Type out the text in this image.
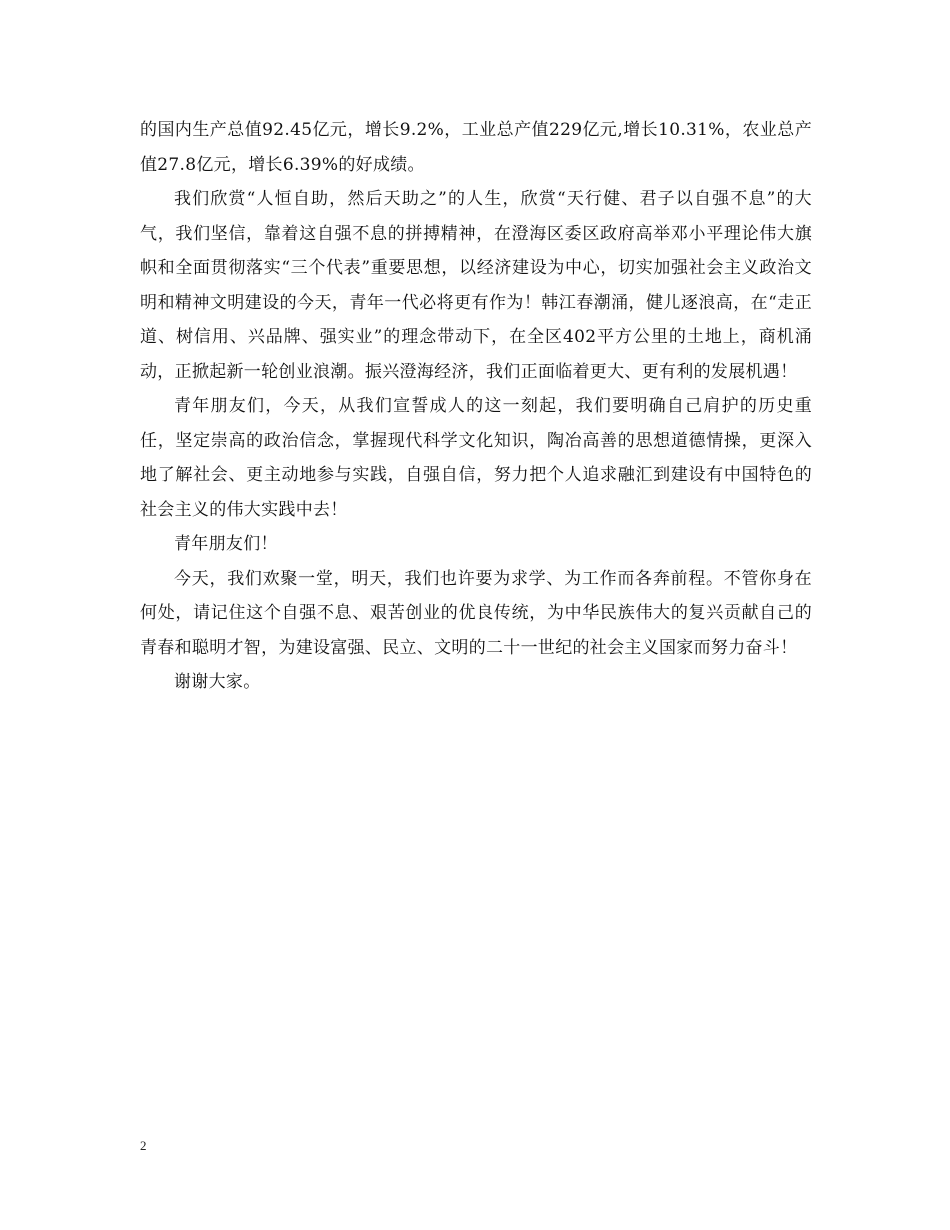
的国内生产总值92.45亿元，增长9.2%，工业总产值229亿元,增长10.31%，农业总产值27.8亿元，增长6.39%的好成绩。

我们欣赏“人恒自助，然后天助之”的人生，欣赏“天行健、君子以自强不息”的大气，我们坚信，靠着这自强不息的拼搏精神，在澄海区委区政府高举邓小平理论伟大旗帜和全面贯彻落实“三个代表”重要思想，以经济建设为中心，切实加强社会主义政治文明和精神文明建设的今天，青年一代必将更有作为！韩江春潮涌，健儿逐浪高，在“走正道、树信用、兴品牌、强实业”的理念带动下，在全区402平方公里的土地上，商机涌动，正掀起新一轮创业浪潮。振兴澄海经济，我们正面临着更大、更有利的发展机遇！

青年朋友们，今天，从我们宣誓成人的这一刻起，我们要明确自己肩护的历史重任，坚定崇高的政治信念，掌握现代科学文化知识，陶冶高善的思想道德情操，更深入地了解社会、更主动地参与实践，自强自信，努力把个人追求融汇到建设有中国特色的社会主义的伟大实践中去！

青年朋友们！

今天，我们欢聚一堂，明天，我们也许要为求学、为工作而各奔前程。不管你身在何处，请记住这个自强不息、艰苦创业的优良传统，为中华民族伟大的复兴贡献自己的青春和聪明才智，为建设富强、民立、文明的二十一世纪的社会主义国家而努力奋斗！

谢谢大家。

2
